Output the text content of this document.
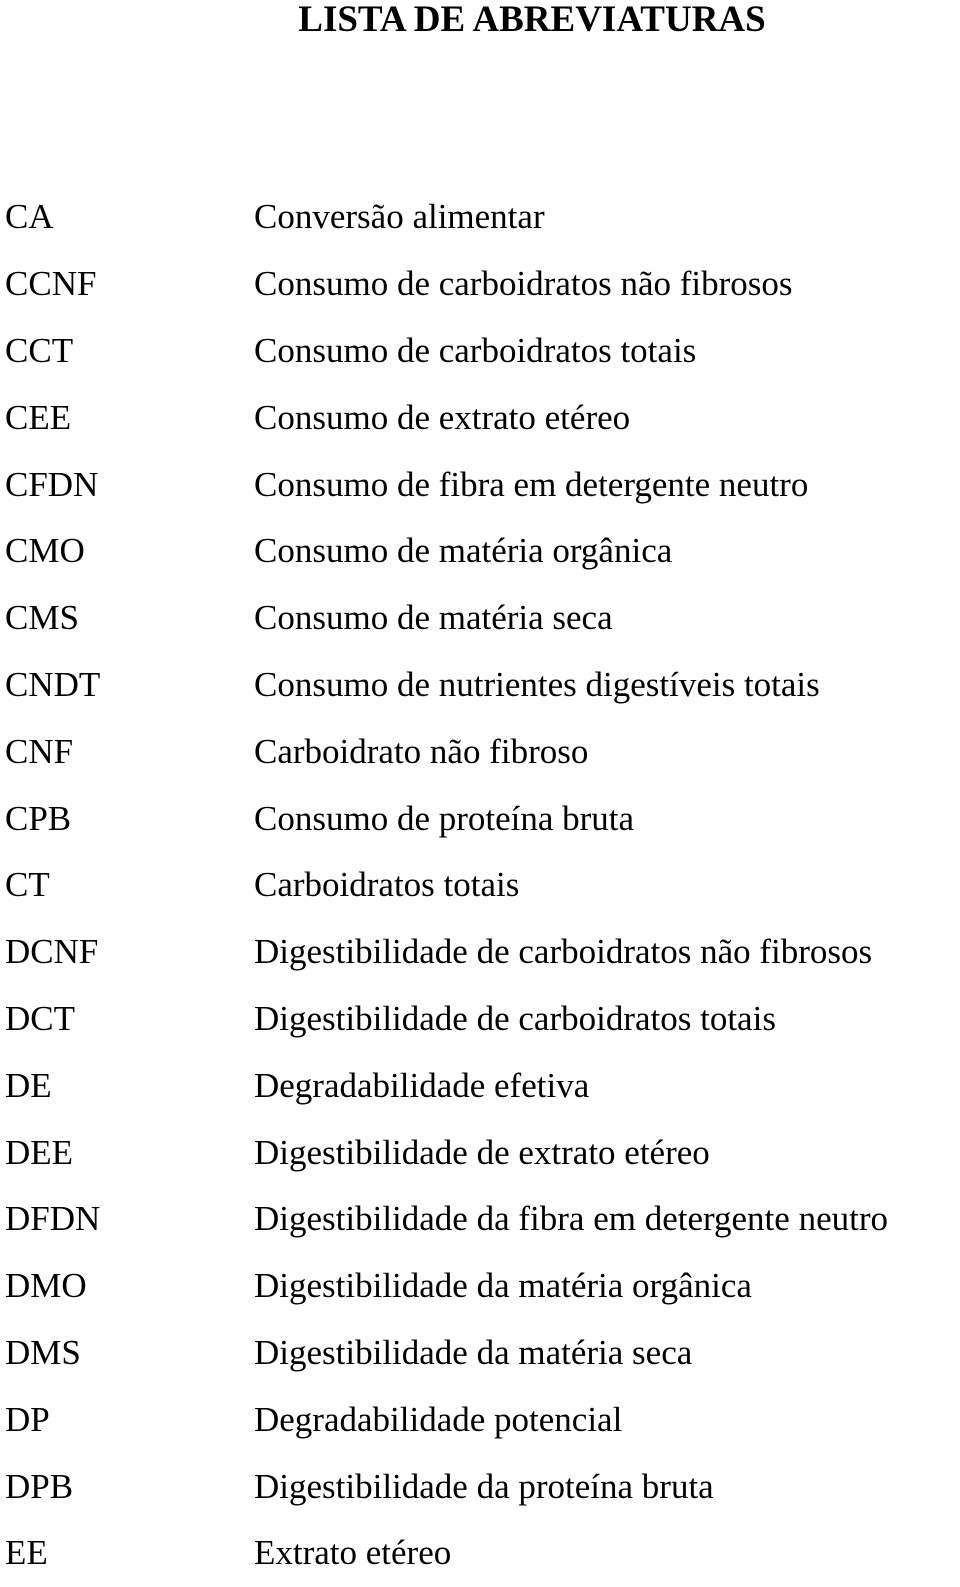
LISTA DE ABREVIATURAS
CA	Conversão alimentar
CCNF	Consumo de carboidratos não fibrosos
CCT	Consumo de carboidratos totais
CEE	Consumo de extrato etéreo
CFDN	Consumo de fibra em detergente neutro
CMO	Consumo de matéria orgânica
CMS	Consumo de matéria seca
CNDT	Consumo de nutrientes digestíveis totais
CNF	Carboidrato não fibroso
CPB	Consumo de proteína bruta
CT	Carboidratos totais
DCNF	Digestibilidade de carboidratos não fibrosos
DCT	Digestibilidade de carboidratos totais
DE	Degradabilidade efetiva
DEE	Digestibilidade de extrato etéreo
DFDN	Digestibilidade da fibra em detergente neutro
DMO	Digestibilidade da matéria orgânica
DMS	Digestibilidade da matéria seca
DP	Degradabilidade potencial
DPB	Digestibilidade da proteína bruta
EE	Extrato etéreo
